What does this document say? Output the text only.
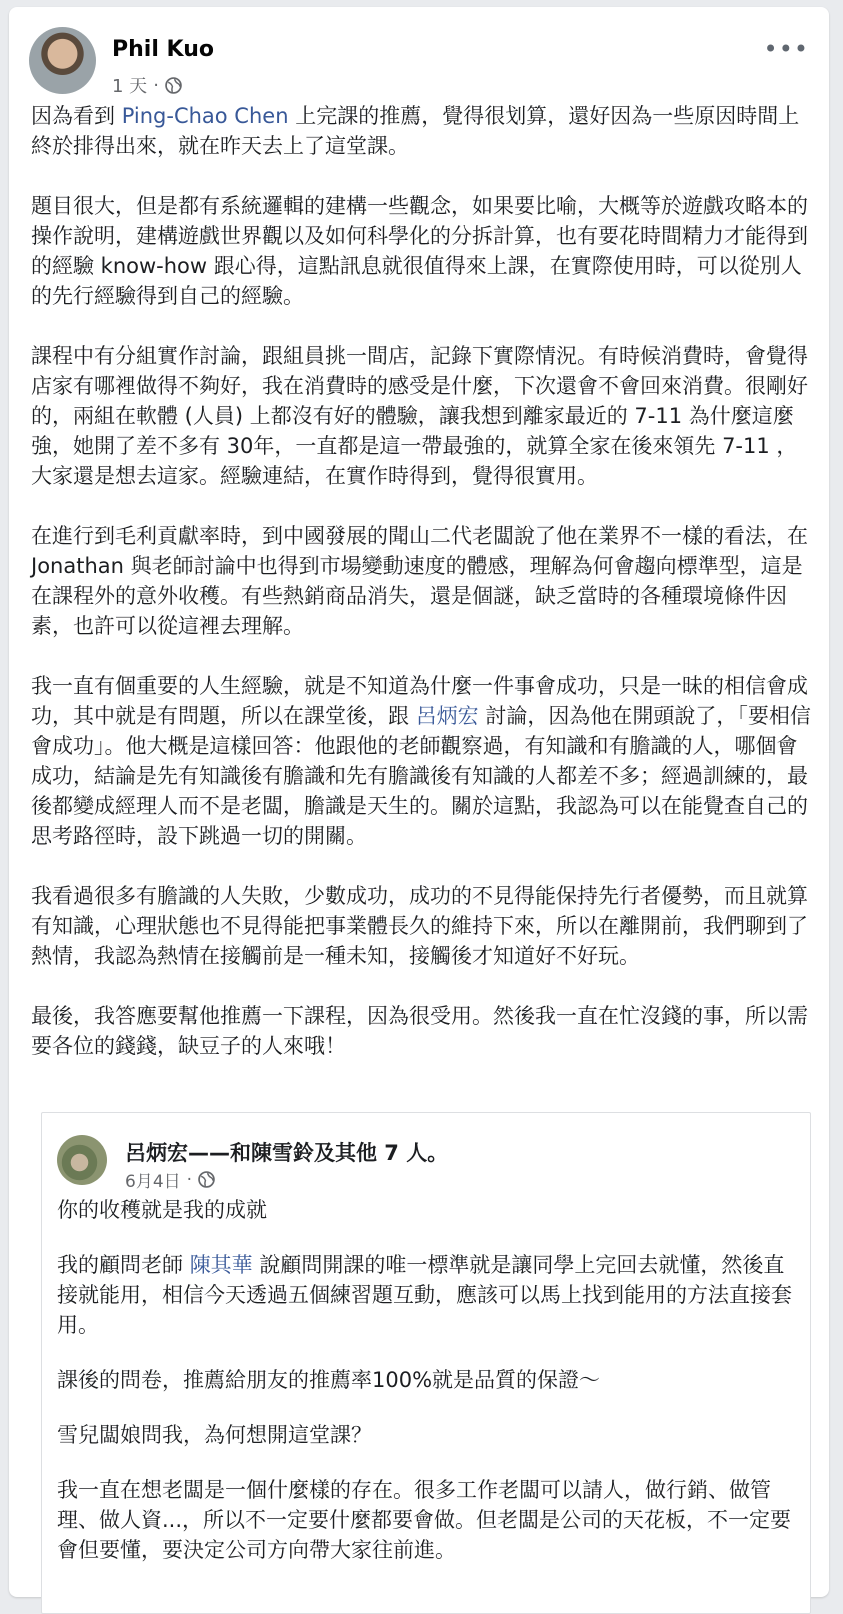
Phil Kuo
1 天 ·
•••

因為看到 Ping-Chao Chen 上完課的推薦，覺得很划算，還好因為一些原因時間上終於排得出來，就在昨天去上了這堂課。

題目很大，但是都有系統邏輯的建構一些觀念，如果要比喻，大概等於遊戲攻略本的操作說明，建構遊戲世界觀以及如何科學化的分拆計算，也有要花時間精力才能得到的經驗 know-how 跟心得，這點訊息就很值得來上課，在實際使用時，可以從別人的先行經驗得到自己的經驗。

課程中有分組實作討論，跟組員挑一間店，記錄下實際情況。有時候消費時，會覺得店家有哪裡做得不夠好，我在消費時的感受是什麼，下次還會不會回來消費。很剛好的，兩組在軟體 (人員) 上都沒有好的體驗，讓我想到離家最近的 7-11 為什麼這麼強，她開了差不多有 30年，一直都是這一帶最強的，就算全家在後來領先 7-11 ，大家還是想去這家。經驗連結，在實作時得到，覺得很實用。

在進行到毛利貢獻率時，到中國發展的聞山二代老闆說了他在業界不一樣的看法，在 Jonathan 與老師討論中也得到市場變動速度的體感，理解為何會趨向標準型，這是在課程外的意外收穫。有些熱銷商品消失，還是個謎，缺乏當時的各種環境條件因素，也許可以從這裡去理解。

我一直有個重要的人生經驗，就是不知道為什麼一件事會成功，只是一昧的相信會成功，其中就是有問題，所以在課堂後，跟 呂炳宏 討論，因為他在開頭說了，「要相信會成功」。他大概是這樣回答：他跟他的老師觀察過，有知識和有膽識的人，哪個會成功，結論是先有知識後有膽識和先有膽識後有知識的人都差不多；經過訓練的，最後都變成經理人而不是老闆，膽識是天生的。關於這點，我認為可以在能覺查自己的思考路徑時，設下跳過一切的開關。

我看過很多有膽識的人失敗，少數成功，成功的不見得能保持先行者優勢，而且就算有知識，心理狀態也不見得能把事業體長久的維持下來，所以在離開前，我們聊到了熱情，我認為熱情在接觸前是一種未知，接觸後才知道好不好玩。

最後，我答應要幫他推薦一下課程，因為很受用。然後我一直在忙沒錢的事，所以需要各位的錢錢，缺豆子的人來哦！

呂炳宏——和陳雪鈴及其他 7 人。
6月4日 ·

你的收穫就是我的成就

我的顧問老師 陳其華 說顧問開課的唯一標準就是讓同學上完回去就懂，然後直接就能用，相信今天透過五個練習題互動，應該可以馬上找到能用的方法直接套用。

課後的問卷，推薦給朋友的推薦率100%就是品質的保證～

雪兒闆娘問我，為何想開這堂課？

我一直在想老闆是一個什麼樣的存在。很多工作老闆可以請人，做行銷、做管理、做人資...，所以不一定要什麼都要會做。但老闆是公司的天花板，不一定要會但要懂，要決定公司方向帶大家往前進。
